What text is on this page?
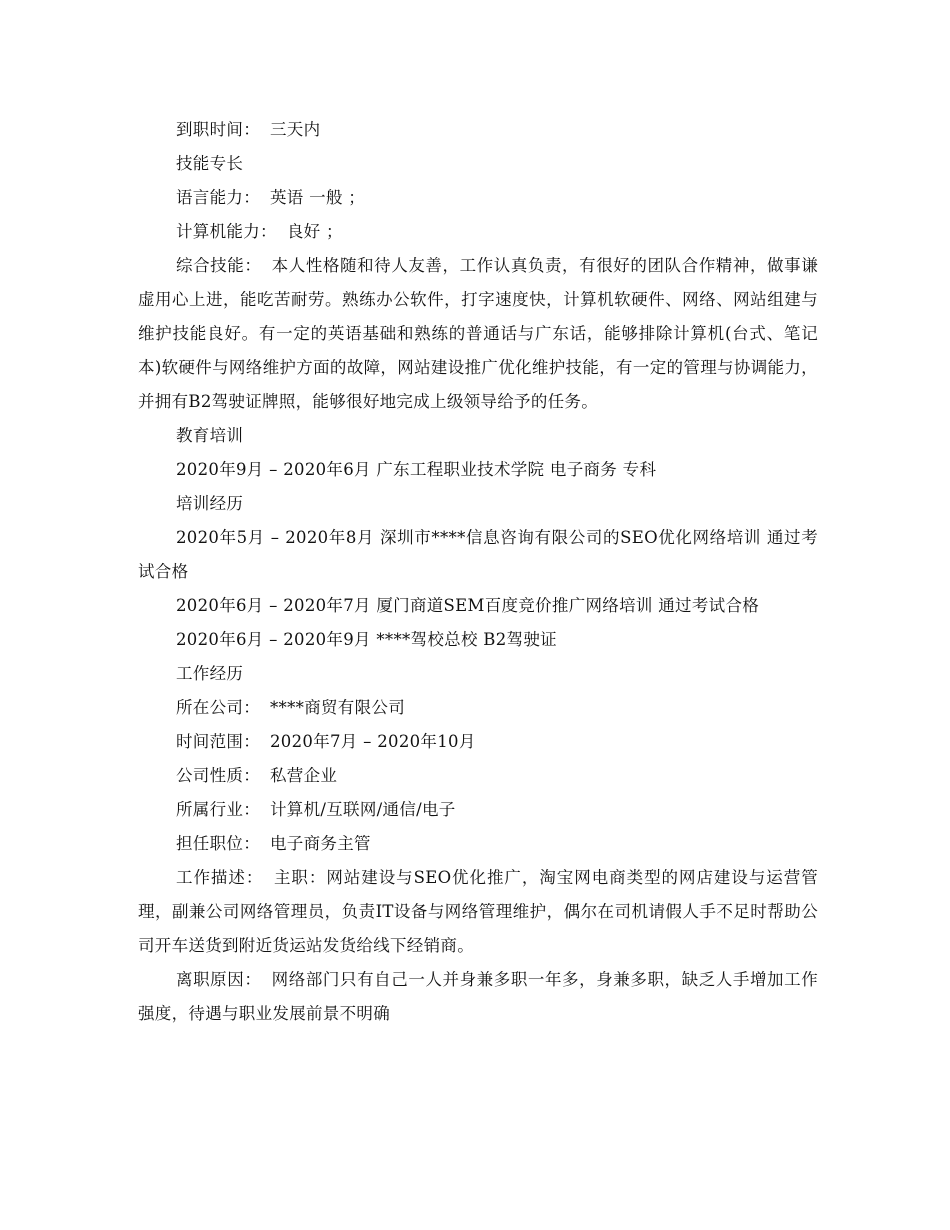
到职时间： 三天内

技能专长

语言能力： 英语 一般 ；

计算机能力： 良好 ；

综合技能： 本人性格随和待人友善，工作认真负责，有很好的团队合作精神，做事谦虚用心上进，能吃苦耐劳。熟练办公软件，打字速度快，计算机软硬件、网络、网站组建与维护技能良好。有一定的英语基础和熟练的普通话与广东话，能够排除计算机(台式、笔记本)软硬件与网络维护方面的故障，网站建设推广优化维护技能，有一定的管理与协调能力，并拥有B2驾驶证牌照，能够很好地完成上级领导给予的任务。

教育培训

2020年9月 – 2020年6月 广东工程职业技术学院 电子商务 专科

培训经历

2020年5月 – 2020年8月 深圳市****信息咨询有限公司的SEO优化网络培训 通过考试合格

2020年6月 – 2020年7月 厦门商道SEM百度竞价推广网络培训 通过考试合格

2020年6月 – 2020年9月 ****驾校总校 B2驾驶证

工作经历

所在公司： ****商贸有限公司

时间范围： 2020年7月 – 2020年10月

公司性质： 私营企业

所属行业： 计算机/互联网/通信/电子

担任职位： 电子商务主管

工作描述： 主职：网站建设与SEO优化推广，淘宝网电商类型的网店建设与运营管理，副兼公司网络管理员，负责IT设备与网络管理维护，偶尔在司机请假人手不足时帮助公司开车送货到附近货运站发货给线下经销商。

离职原因： 网络部门只有自己一人并身兼多职一年多，身兼多职，缺乏人手增加工作强度，待遇与职业发展前景不明确
